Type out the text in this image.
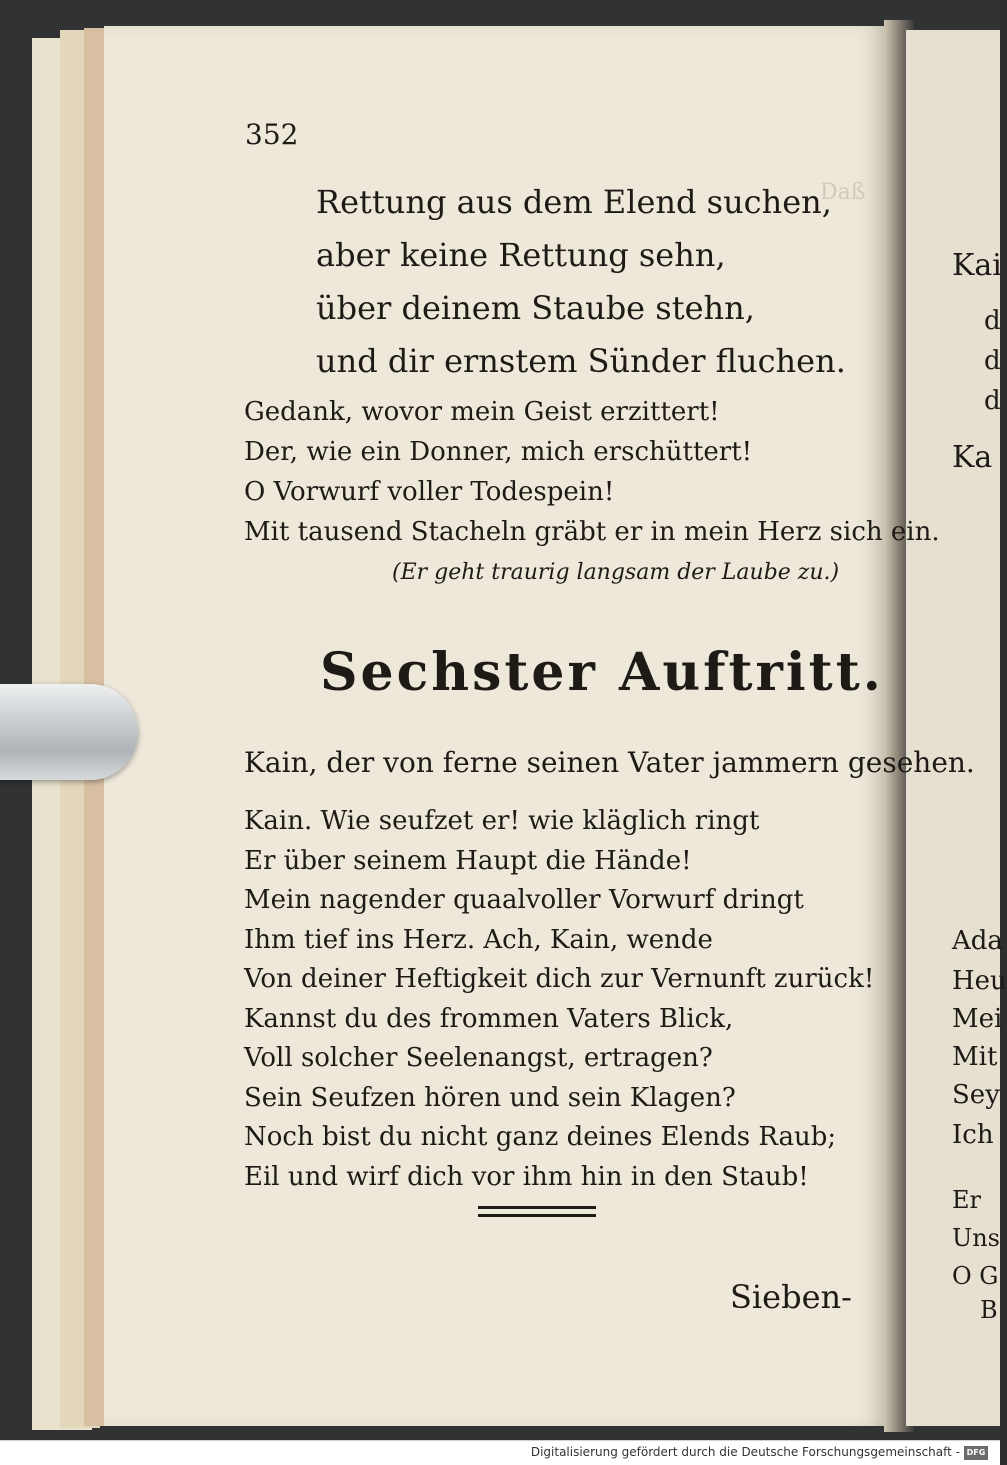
Daß

352
Rettung aus dem Elend suchen,
aber keine Rettung sehn,
über deinem Staube stehn,
und dir ernstem Sünder fluchen.
Gedank, wovor mein Geist erzittert!
Der, wie ein Donner, mich erschüttert!
O Vorwurf voller Todespein!
Mit tausend Stacheln gräbt er in mein Herz sich ein.
(Er geht traurig langsam der Laube zu.)
Sechster Auftritt.
Kain, der von ferne seinen Vater jammern gesehen.
Kain. Wie seufzet er! wie kläglich ringt
Er über seinem Haupt die Hände!
Mein nagender quaalvoller Vorwurf dringt
Ihm tief ins Herz. Ach, Kain, wende
Von deiner Heftigkeit dich zur Vernunft zurück!
Kannst du des frommen Vaters Blick,
Voll solcher Seelenangst, ertragen?
Sein Seufzen hören und sein Klagen?
Noch bist du nicht ganz deines Elends Raub;
Eil und wirf dich vor ihm hin in den Staub!
Sieben-
Kai
d
d
d
Ka
Ada
Heu
Mei
Mit
Sey
Ich
Er
Uns
O G
B
Digitalisierung gefördert durch die Deutsche Forschungsgemeinschaft - DFG
